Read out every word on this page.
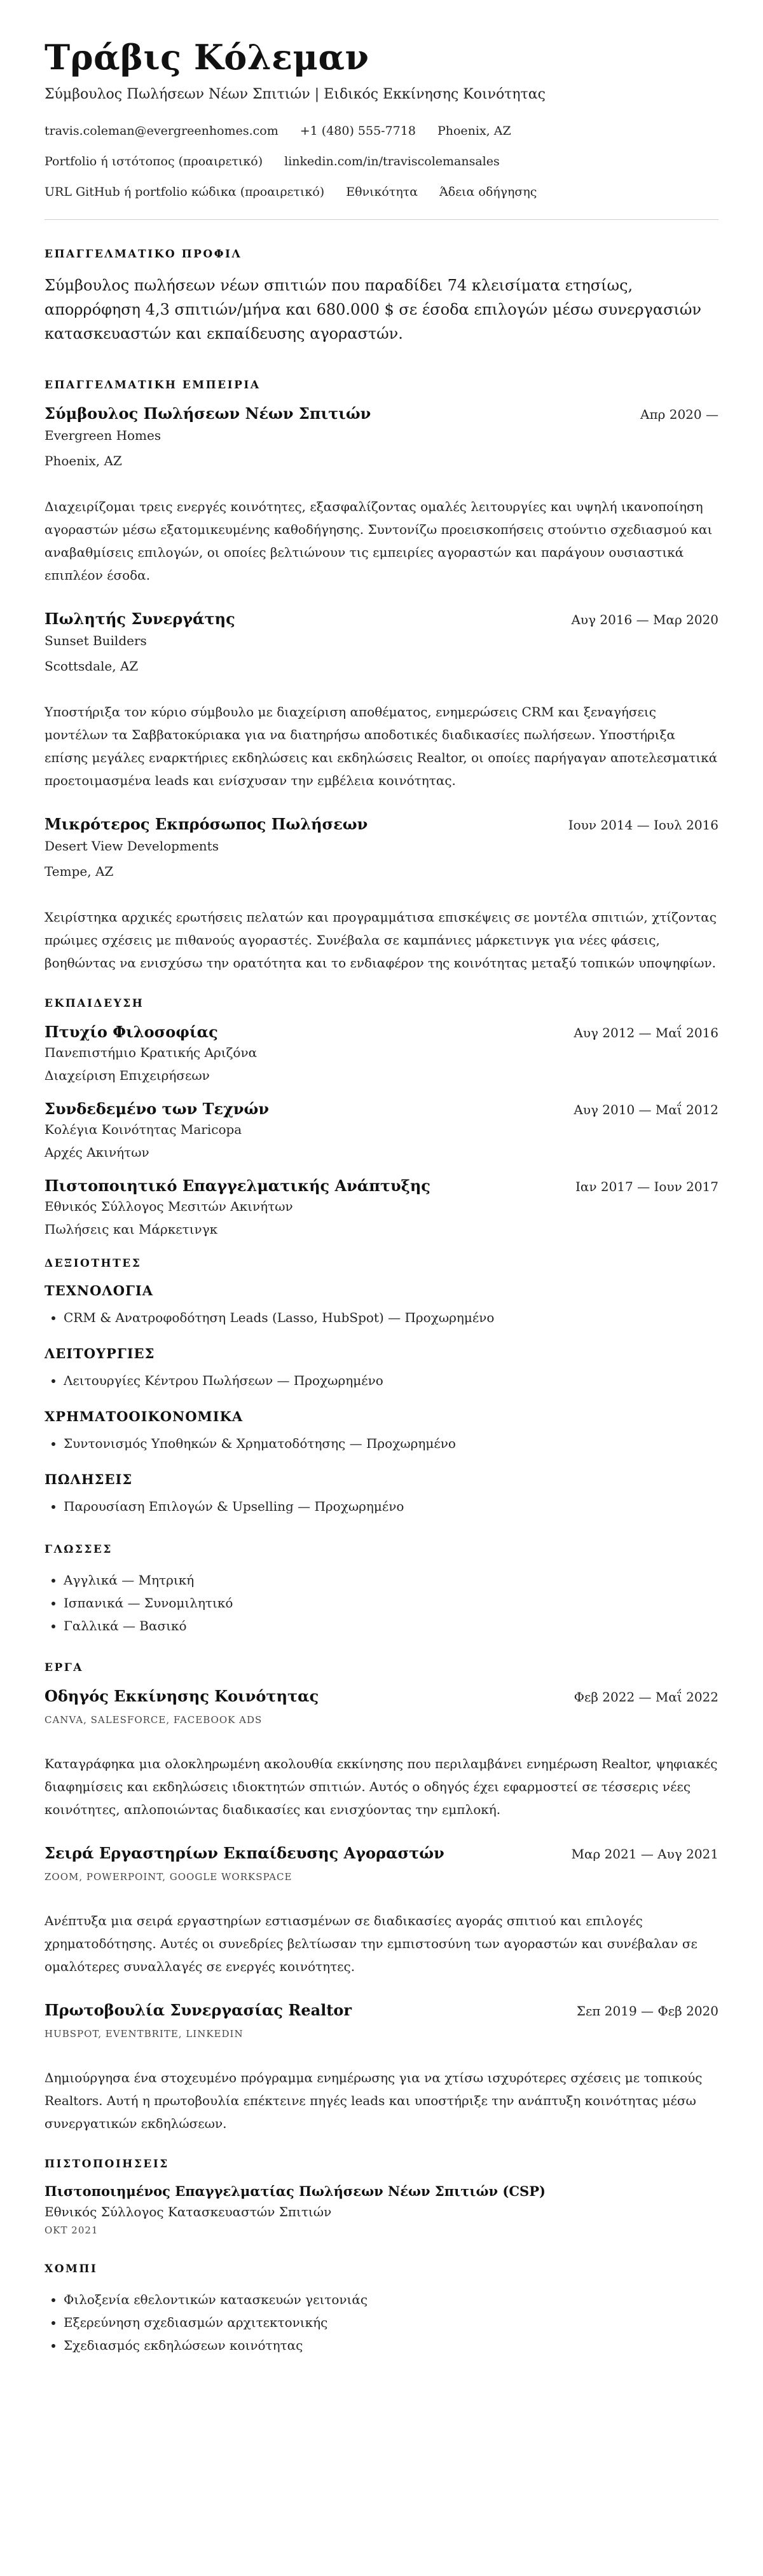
Τράβις Κόλεμαν
Σύμβουλος Πωλήσεων Νέων Σπιτιών | Ειδικός Εκκίνησης Κοινότητας
travis.coleman@evergreenhomes.com +1 (480) 555-7718 Phoenix, AZ
Portfolio ή ιστότοπος (προαιρετικό) linkedin.com/in/traviscolemansales
URL GitHub ή portfolio κώδικα (προαιρετικό) Εθνικότητα Άδεια οδήγησης
ΕΠΑΓΓΕΛΜΑΤΙΚΟ ΠΡΟΦΙΛ
Σύμβουλος πωλήσεων νέων σπιτιών που παραδίδει 74 κλεισίματα ετησίως, απορρόφηση 4,3 σπιτιών/μήνα και 680.000 $ σε έσοδα επιλογών μέσω συνεργασιών κατασκευαστών και εκπαίδευσης αγοραστών.
ΕΠΑΓΓΕΛΜΑΤΙΚΗ ΕΜΠΕΙΡΙΑ
Σύμβουλος Πωλήσεων Νέων Σπιτιών	Απρ 2020 —
Evergreen Homes
Phoenix, AZ
Διαχειρίζομαι τρεις ενεργές κοινότητες, εξασφαλίζοντας ομαλές λειτουργίες και υψηλή ικανοποίηση αγοραστών μέσω εξατομικευμένης καθοδήγησης. Συντονίζω προεισκοπήσεις στούντιο σχεδιασμού και αναβαθμίσεις επιλογών, οι οποίες βελτιώνουν τις εμπειρίες αγοραστών και παράγουν ουσιαστικά επιπλέον έσοδα.
Πωλητής Συνεργάτης	Αυγ 2016 — Μαρ 2020
Sunset Builders
Scottsdale, AZ
Υποστήριξα τον κύριο σύμβουλο με διαχείριση αποθέματος, ενημερώσεις CRM και ξεναγήσεις μοντέλων τα Σαββατοκύριακα για να διατηρήσω αποδοτικές διαδικασίες πωλήσεων. Υποστήριξα επίσης μεγάλες εναρκτήριες εκδηλώσεις και εκδηλώσεις Realtor, οι οποίες παρήγαγαν αποτελεσματικά προετοιμασμένα leads και ενίσχυσαν την εμβέλεια κοινότητας.
Μικρότερος Εκπρόσωπος Πωλήσεων	Ιουν 2014 — Ιουλ 2016
Desert View Developments
Tempe, AZ
Χειρίστηκα αρχικές ερωτήσεις πελατών και προγραμμάτισα επισκέψεις σε μοντέλα σπιτιών, χτίζοντας πρώιμες σχέσεις με πιθανούς αγοραστές. Συνέβαλα σε καμπάνιες μάρκετινγκ για νέες φάσεις, βοηθώντας να ενισχύσω την ορατότητα και το ενδιαφέρον της κοινότητας μεταξύ τοπικών υποψηφίων.
ΕΚΠΑΙΔΕΥΣΗ
Πτυχίο Φιλοσοφίας	Αυγ 2012 — Μαΐ 2016
Πανεπιστήμιο Κρατικής Αριζόνα
Διαχείριση Επιχειρήσεων
Συνδεδεμένο των Τεχνών	Αυγ 2010 — Μαΐ 2012
Κολέγια Κοινότητας Maricopa
Αρχές Ακινήτων
Πιστοποιητικό Επαγγελματικής Ανάπτυξης	Ιαν 2017 — Ιουν 2017
Εθνικός Σύλλογος Μεσιτών Ακινήτων
Πωλήσεις και Μάρκετινγκ
ΔΕΞΙΟΤΗΤΕΣ
ΤΕΧΝΟΛΟΓΙΑ
• CRM & Ανατροφοδότηση Leads (Lasso, HubSpot) — Προχωρημένο
ΛΕΙΤΟΥΡΓΙΕΣ
• Λειτουργίες Κέντρου Πωλήσεων — Προχωρημένο
ΧΡΗΜΑΤΟΟΙΚΟΝΟΜΙΚΑ
• Συντονισμός Υποθηκών & Χρηματοδότησης — Προχωρημένο
ΠΩΛΗΣΕΙΣ
• Παρουσίαση Επιλογών & Upselling — Προχωρημένο
ΓΛΩΣΣΕΣ
• Αγγλικά — Μητρική
• Ισπανικά — Συνομιλητικό
• Γαλλικά — Βασικό
ΕΡΓΑ
Οδηγός Εκκίνησης Κοινότητας	Φεβ 2022 — Μαΐ 2022
CANVA, SALESFORCE, FACEBOOK ADS
Καταγράφηκα μια ολοκληρωμένη ακολουθία εκκίνησης που περιλαμβάνει ενημέρωση Realtor, ψηφιακές διαφημίσεις και εκδηλώσεις ιδιοκτητών σπιτιών. Αυτός ο οδηγός έχει εφαρμοστεί σε τέσσερις νέες κοινότητες, απλοποιώντας διαδικασίες και ενισχύοντας την εμπλοκή.
Σειρά Εργαστηρίων Εκπαίδευσης Αγοραστών	Μαρ 2021 — Αυγ 2021
ZOOM, POWERPOINT, GOOGLE WORKSPACE
Ανέπτυξα μια σειρά εργαστηρίων εστιασμένων σε διαδικασίες αγοράς σπιτιού και επιλογές χρηματοδότησης. Αυτές οι συνεδρίες βελτίωσαν την εμπιστοσύνη των αγοραστών και συνέβαλαν σε ομαλότερες συναλλαγές σε ενεργές κοινότητες.
Πρωτοβουλία Συνεργασίας Realtor	Σεπ 2019 — Φεβ 2020
HUBSPOT, EVENTBRITE, LINKEDIN
Δημιούργησα ένα στοχευμένο πρόγραμμα ενημέρωσης για να χτίσω ισχυρότερες σχέσεις με τοπικούς Realtors. Αυτή η πρωτοβουλία επέκτεινε πηγές leads και υποστήριξε την ανάπτυξη κοινότητας μέσω συνεργατικών εκδηλώσεων.
ΠΙΣΤΟΠΟΙΗΣΕΙΣ
Πιστοποιημένος Επαγγελματίας Πωλήσεων Νέων Σπιτιών (CSP)
Εθνικός Σύλλογος Κατασκευαστών Σπιτιών
ΟΚΤ 2021
ΧΟΜΠΙ
• Φιλοξενία εθελοντικών κατασκευών γειτονιάς
• Εξερεύνηση σχεδιασμών αρχιτεκτονικής
• Σχεδιασμός εκδηλώσεων κοινότητας
